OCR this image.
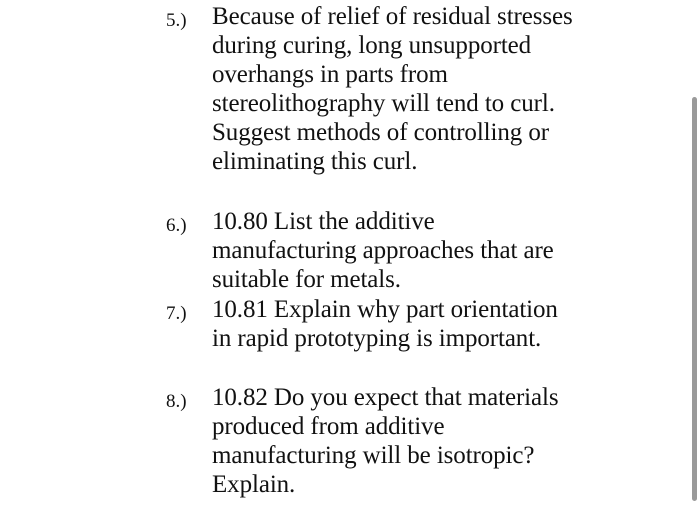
5.)	Because of relief of residual stresses during curing, long unsupported overhangs in parts from stereolithography will tend to curl. Suggest methods of controlling or eliminating this curl.
6.)	10.80 List the additive manufacturing approaches that are suitable for metals.
7.)	10.81 Explain why part orientation in rapid prototyping is important.
8.)	10.82 Do you expect that materials produced from additive manufacturing will be isotropic? Explain.
